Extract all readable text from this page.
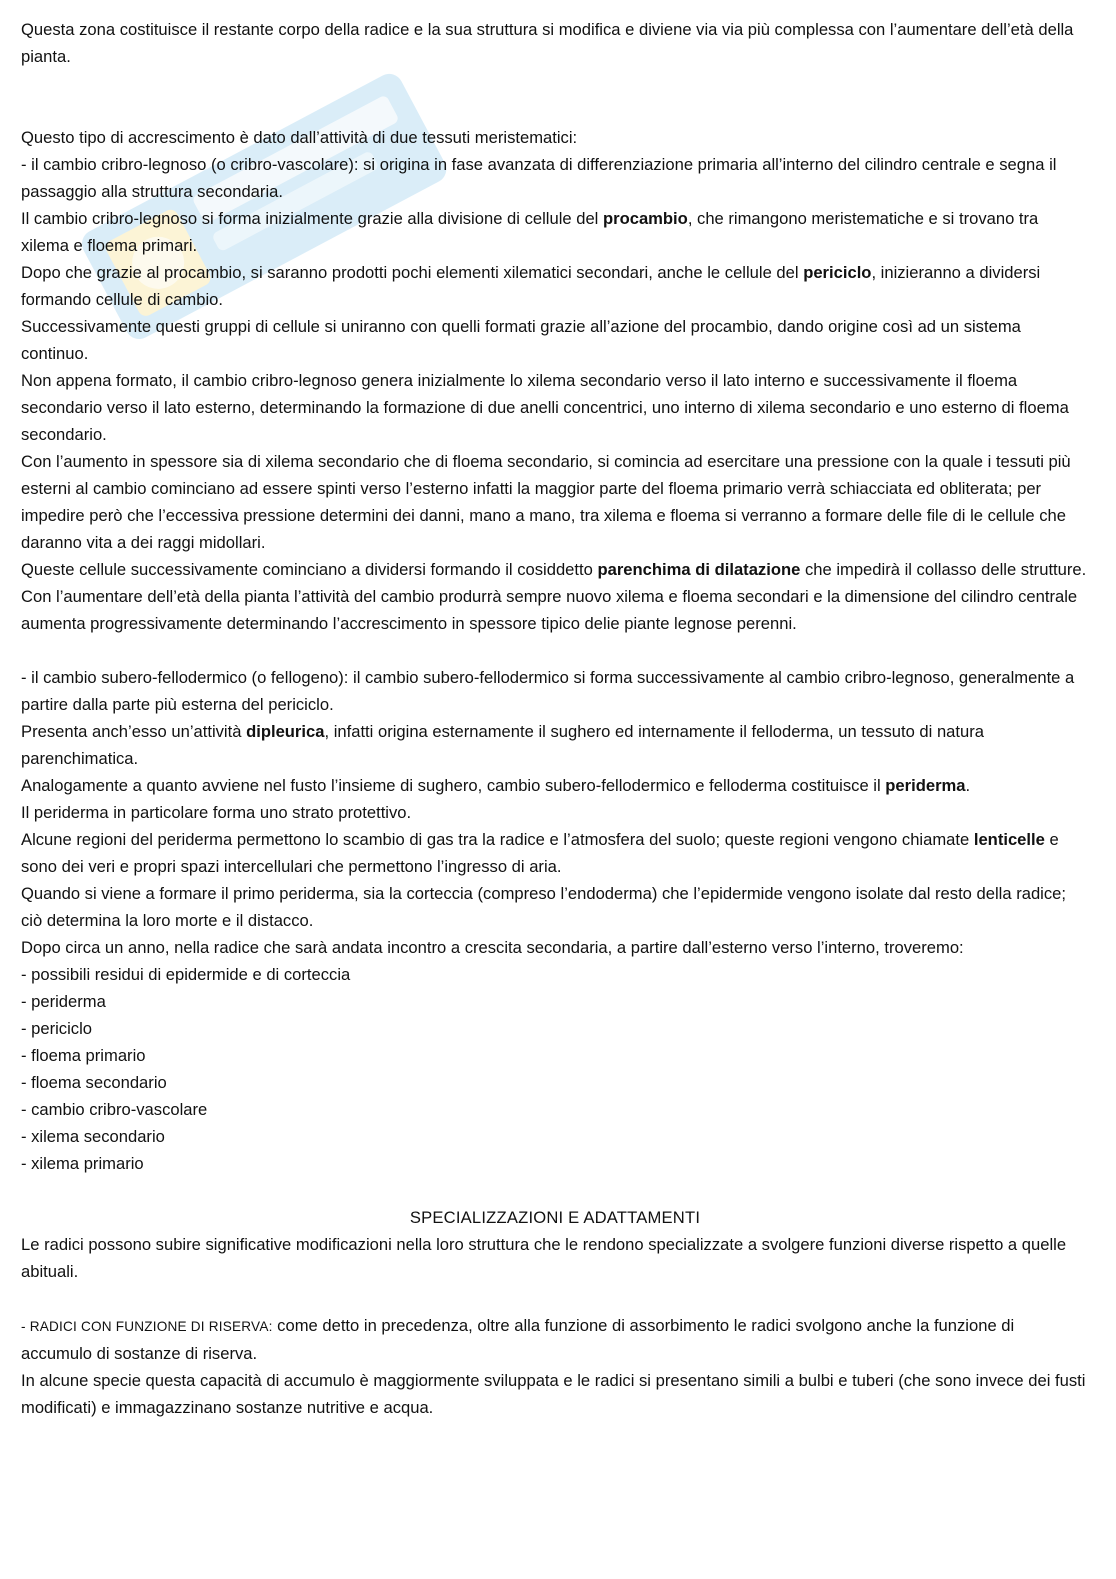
Questa zona costituisce il restante corpo della radice e la sua struttura si modifica e diviene via via più complessa con l’aumentare dell’età della pianta.

Questo tipo di accrescimento è dato dall’attività di due tessuti meristematici:

- il cambio cribro-legnoso (o cribro-vascolare): si origina in fase avanzata di differenziazione primaria all’interno del cilindro centrale e segna il passaggio alla struttura secondaria.

Il cambio cribro-legnoso si forma inizialmente grazie alla divisione di cellule del procambio, che rimangono meristematiche e si trovano tra xilema e floema primari.

Dopo che grazie al procambio, si saranno prodotti pochi elementi xilematici secondari, anche le cellule del periciclo, inizieranno a dividersi formando cellule di cambio.

Successivamente questi gruppi di cellule si uniranno con quelli formati grazie all’azione del procambio, dando origine così ad un sistema continuo.

Non appena formato, il cambio cribro-legnoso genera inizialmente lo xilema secondario verso il lato interno e successivamente il floema secondario verso il lato esterno, determinando la formazione di due anelli concentrici, uno interno di xilema secondario e uno esterno di floema secondario.

Con l’aumento in spessore sia di xilema secondario che di floema secondario, si comincia ad esercitare una pressione con la quale i tessuti più esterni al cambio cominciano ad essere spinti verso l’esterno infatti la maggior parte del floema primario verrà schiacciata ed obliterata; per impedire però che l’eccessiva pressione determini dei danni, mano a mano, tra xilema e floema si verranno a formare delle file di le cellule che daranno vita a dei raggi midollari.

Queste cellule successivamente cominciano a dividersi formando il cosiddetto parenchima di dilatazione che impedirà il collasso delle strutture.

Con l’aumentare dell’età della pianta l’attività del cambio produrrà sempre nuovo xilema e floema secondari e la dimensione del cilindro centrale aumenta progressivamente determinando l’accrescimento in spessore tipico delie piante legnose perenni.

- il cambio subero-fellodermico (o fellogeno): il cambio subero-fellodermico si forma successivamente al cambio cribro-legnoso, generalmente a partire dalla parte più esterna del periciclo.

Presenta anch’esso un’attività dipleurica, infatti origina esternamente il sughero ed internamente il felloderma, un tessuto di natura parenchimatica.

Analogamente a quanto avviene nel fusto l’insieme di sughero, cambio subero-fellodermico e felloderma costituisce il periderma.

Il periderma in particolare forma uno strato protettivo.

Alcune regioni del periderma permettono lo scambio di gas tra la radice e l’atmosfera del suolo; queste regioni vengono chiamate lenticelle e sono dei veri e propri spazi intercellulari che permettono l’ingresso di aria.

Quando si viene a formare il primo periderma, sia la corteccia (compreso l’endoderma) che l’epidermide vengono isolate dal resto della radice; ciò determina la loro morte e il distacco.

Dopo circa un anno, nella radice che sarà andata incontro a crescita secondaria, a partire dall’esterno verso l’interno, troveremo:

- possibili residui di epidermide e di corteccia

- periderma

- periciclo

- floema primario

- floema secondario

- cambio cribro-vascolare

- xilema secondario

- xilema primario

SPECIALIZZAZIONI E ADATTAMENTI

Le radici possono subire significative modificazioni nella loro struttura che le rendono specializzate a svolgere funzioni diverse rispetto a quelle abituali.

- RADICI CON FUNZIONE DI RISERVA: come detto in precedenza, oltre alla funzione di assorbimento le radici svolgono anche la funzione di accumulo di sostanze di riserva.

In alcune specie questa capacità di accumulo è maggiormente sviluppata e le radici si presentano simili a bulbi e tuberi (che sono invece dei fusti modificati) e immagazzinano sostanze nutritive e acqua.
